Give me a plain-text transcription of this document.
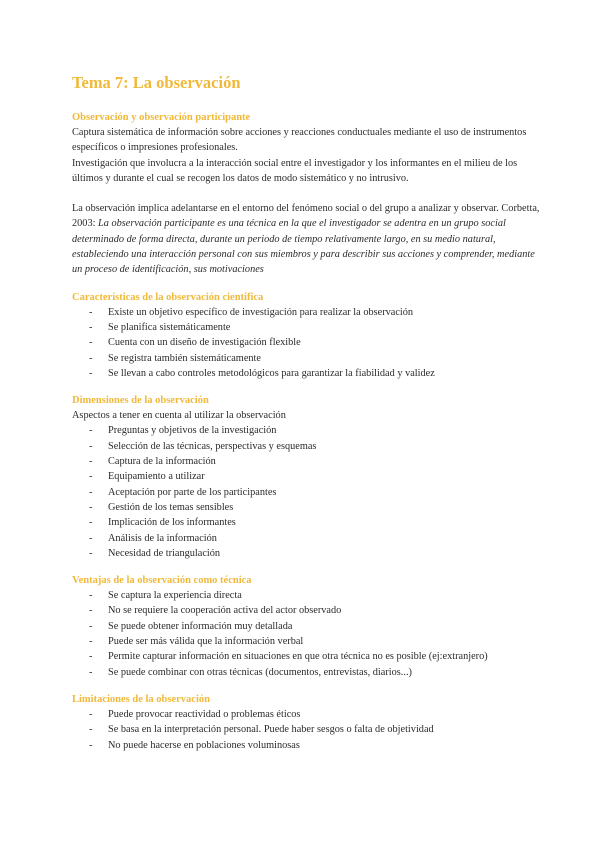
Tema 7: La observación
Observación y observación participante

Captura sistemática de información sobre acciones y reacciones conductuales mediante el uso de instrumentos específicos o impresiones profesionales.

Investigación que involucra a la interacción social entre el investigador y los informantes en el milieu de los últimos y durante el cual se recogen los datos de modo sistemático y no intrusivo.

La observación implica adelantarse en el entorno del fenómeno social o del grupo a analizar y observar. Corbetta, 2003: La observación participante es una técnica en la que el investigador se adentra en un grupo social determinado de forma directa, durante un periodo de tiempo relativamente largo, en su medio natural, estableciendo una interacción personal con sus miembros y para describir sus acciones y comprender, mediante un proceso de identificación, sus motivaciones

Características de la observación científica
- Existe un objetivo específico de investigación para realizar la observación
- Se planifica sistemáticamente
- Cuenta con un diseño de investigación flexible
- Se registra también sistemáticamente
- Se llevan a cabo controles metodológicos para garantizar la fiabilidad y validez
Dimensiones de la observación

Aspectos a tener en cuenta al utilizar la observación

- Preguntas y objetivos de la investigación
- Selección de las técnicas, perspectivas y esquemas
- Captura de la información
- Equipamiento a utilizar
- Aceptación por parte de los participantes
- Gestión de los temas sensibles
- Implicación de los informantes
- Análisis de la información
- Necesidad de triangulación
Ventajas de la observación como técnica
- Se captura la experiencia directa
- No se requiere la cooperación activa del actor observado
- Se puede obtener información muy detallada
- Puede ser más válida que la información verbal
- Permite capturar información en situaciones en que otra técnica no es posible (ej:extranjero)
- Se puede combinar con otras técnicas (documentos, entrevistas, diarios...)
Limitaciones de la observación
- Puede provocar reactividad o problemas éticos
- Se basa en la interpretación personal. Puede haber sesgos o falta de objetividad
- No puede hacerse en poblaciones voluminosas
